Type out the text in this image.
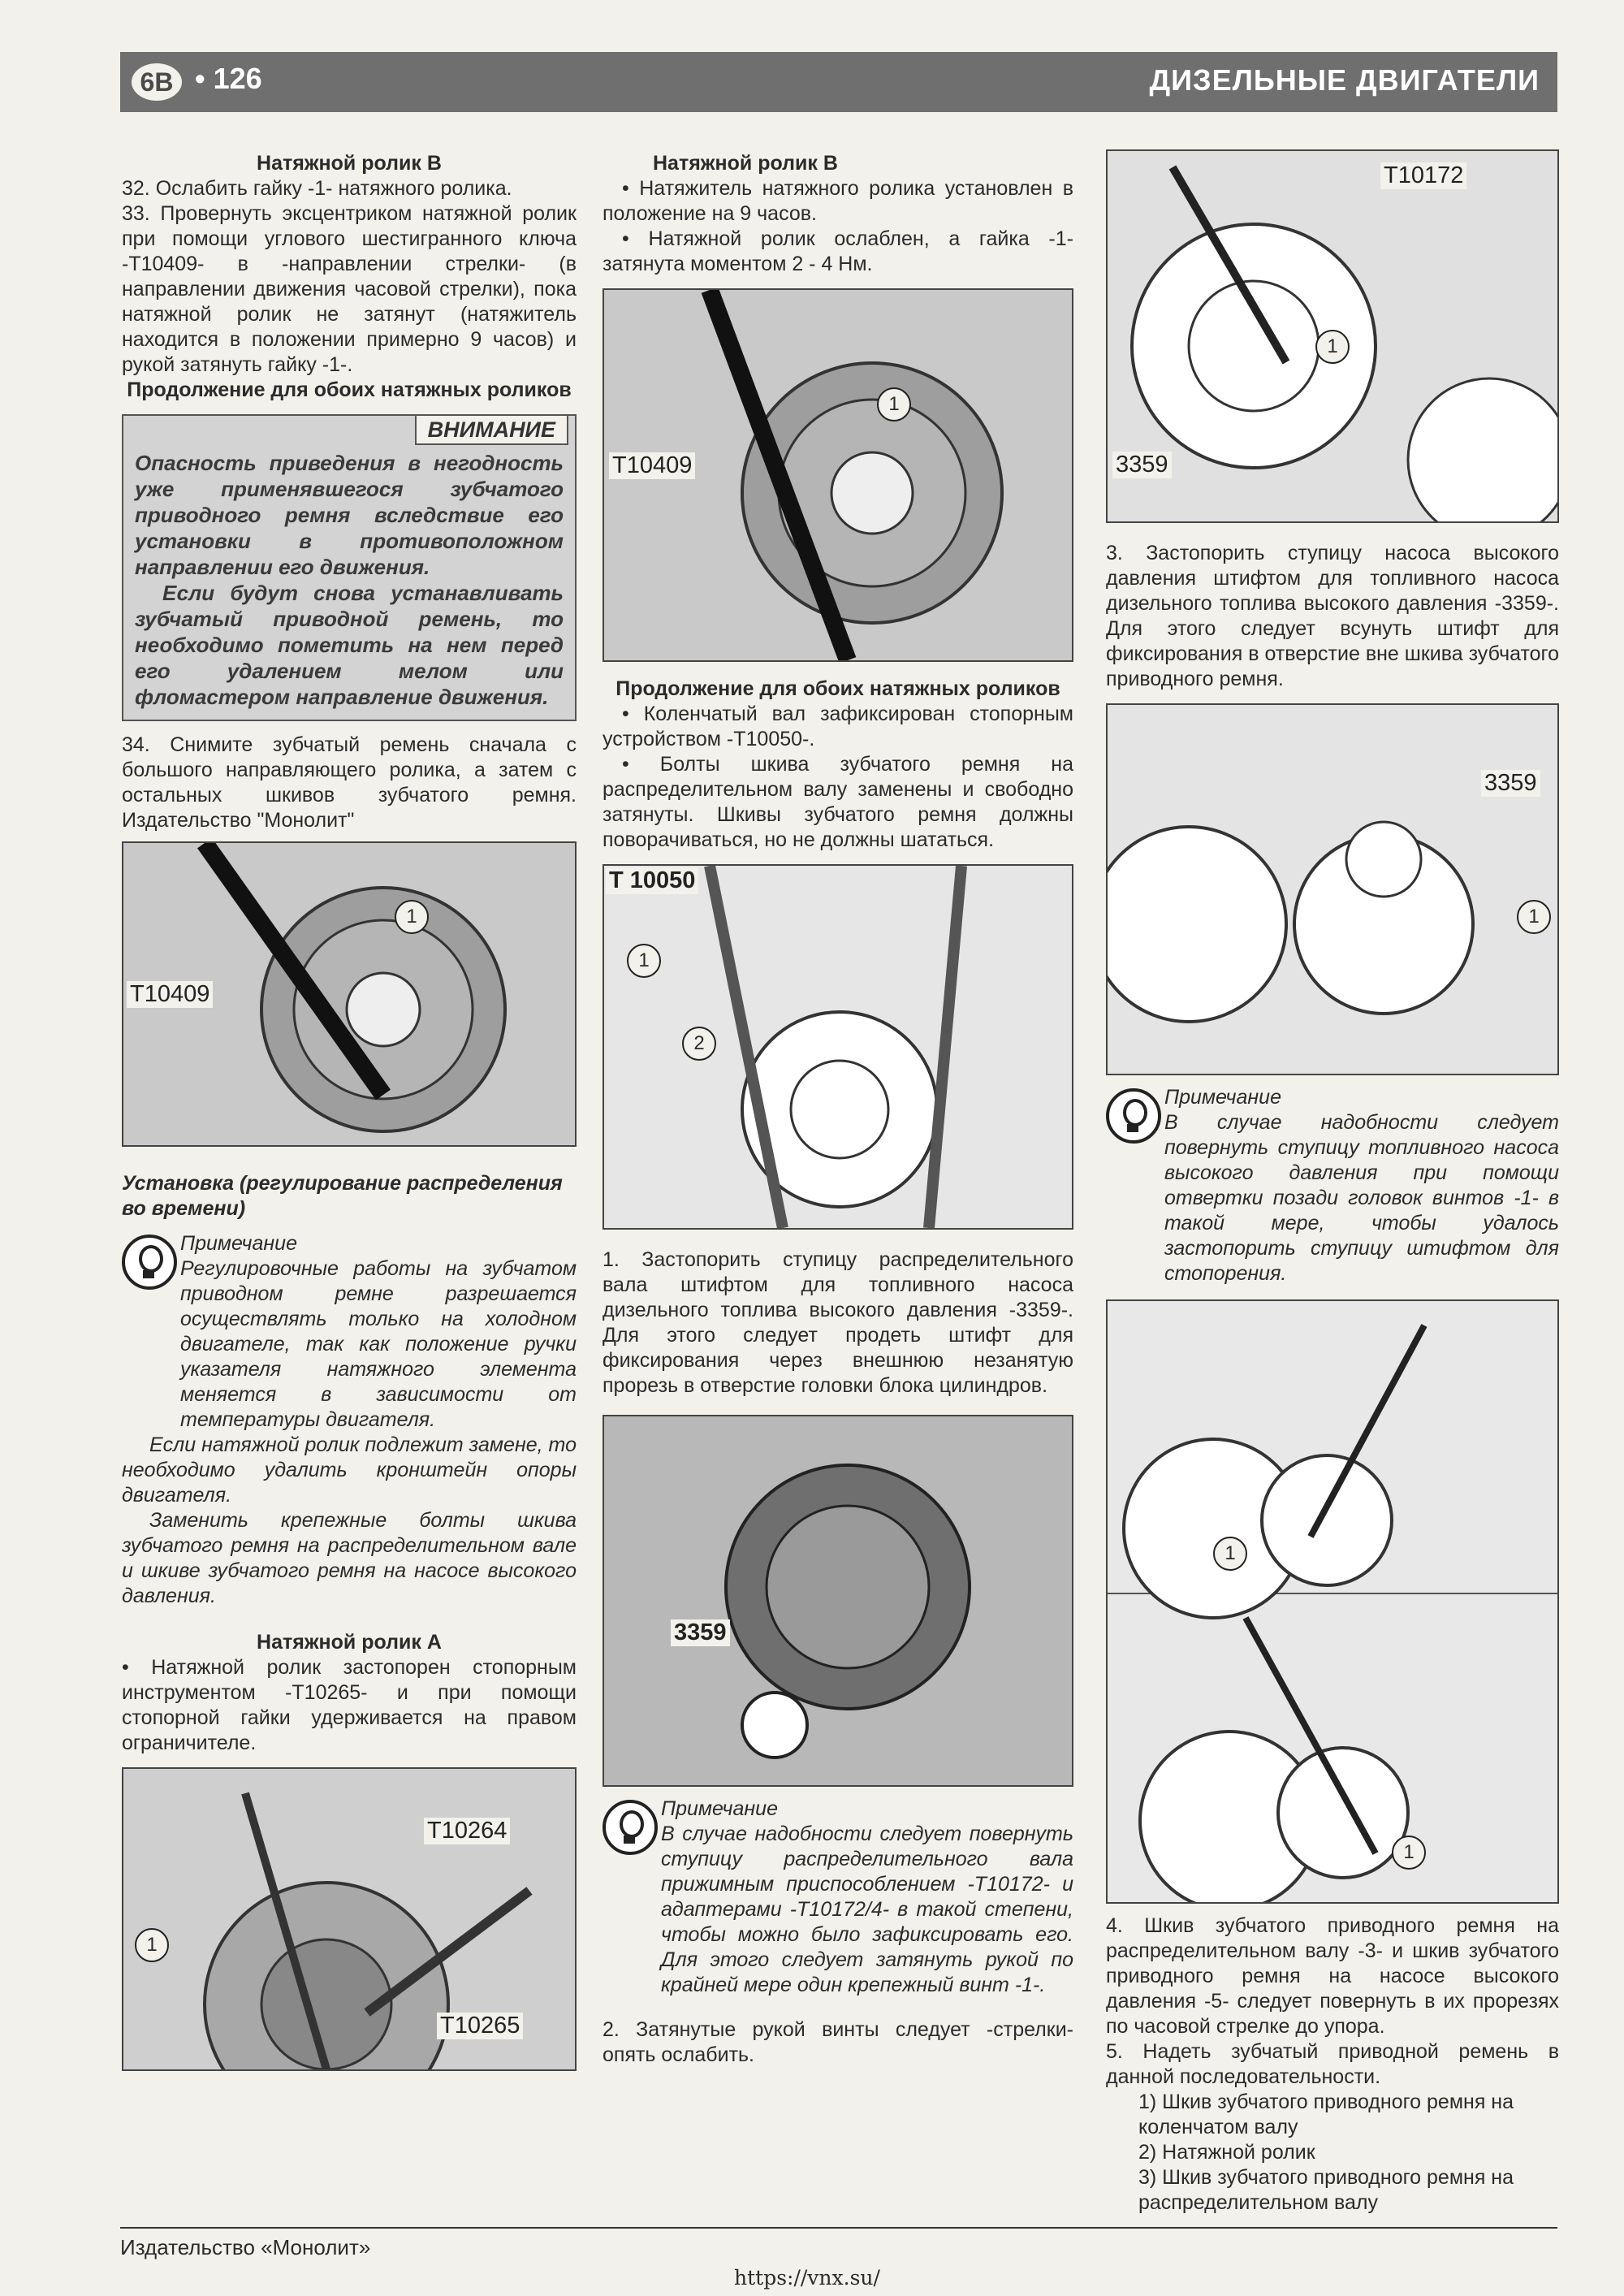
6B • 126	ДИЗЕЛЬНЫЕ ДВИГАТЕЛИ

Натяжной ролик В

32. Ослабить гайку -1- натяжного ролика.

33. Провернуть эксцентриком натяжной ролик при помощи углового шестигранного ключа -Т10409- в -направлении стрелки- (в направлении движения часовой стрелки), пока натяжной ролик не затянут (натяжитель находится в положении примерно 9 часов) и рукой затянуть гайку -1-.

Продолжение для обоих натяжных роликов

ВНИМАНИЕ

Опасность приведения в негодность уже применявшегося зубчатого приводного ремня вследствие его установки в противоположном направлении его движения.

Если будут снова устанавливать зубчатый приводной ремень, то необходимо пометить на нем перед его удалением мелом или фломастером направление движения.

34. Снимите зубчатый ремень сначала с большого направляющего ролика, а затем с остальных шкивов зубчатого ремня. Издательство "Монолит"

T10409
1

Установка (регулирование распределения во времени)

Примечание

Регулировочные работы на зубчатом приводном ремне разрешается осуществлять только на холодном двигателе, так как положение ручки указателя натяжного элемента меняется в зависимости от температуры двигателя.

Если натяжной ролик подлежит замене, то необходимо удалить кронштейн опоры двигателя.

Заменить крепежные болты шкива зубчатого ремня на распределительном вале и шкиве зубчатого ремня на насосе высокого давления.

Натяжной ролик А

• Натяжной ролик застопорен стопорным инструментом -Т10265- и при помощи стопорной гайки удерживается на правом ограничителе.

T10264
T10265
1

Натяжной ролик В

• Натяжитель натяжного ролика установлен в положение на 9 часов.

• Натяжной ролик ослаблен, а гайка -1- затянута моментом 2 - 4 Нм.

T10409
1

Продолжение для обоих натяжных роликов

• Коленчатый вал зафиксирован стопорным устройством -Т10050-.

• Болты шкива зубчатого ремня на распределительном валу заменены и свободно затянуты. Шкивы зубчатого ремня должны поворачиваться, но не должны шататься.

T 10050
1
2

1. Застопорить ступицу распределительного вала штифтом для топливного насоса дизельного топлива высокого давления -3359-. Для этого следует продеть штифт для фиксирования через внешнюю незанятую прорезь в отверстие головки блока цилиндров.

3359

Примечание

В случае надобности следует повернуть ступицу распределительного вала прижимным приспособлением -Т10172- и адаптерами -Т10172/4- в такой степени, чтобы можно было зафиксировать его. Для этого следует затянуть рукой по крайней мере один крепежный винт -1-.

2. Затянутые рукой винты следует -стрелки- опять ослабить.

T10172
3359
1

3. Застопорить ступицу насоса высокого давления штифтом для топливного насоса дизельного топлива высокого давления -3359-. Для этого следует всунуть штифт для фиксирования в отверстие вне шкива зубчатого приводного ремня.

3359
1

Примечание

В случае надобности следует повернуть ступицу топливного насоса высокого давления при помощи отвертки позади головок винтов -1- в такой мере, чтобы удалось застопорить ступицу штифтом для стопорения.

1
1

4. Шкив зубчатого приводного ремня на распределительном валу -3- и шкив зубчатого приводного ремня на насосе высокого давления -5- следует повернуть в их прорезях по часовой стрелке до упора.

5. Надеть зубчатый приводной ремень в данной последовательности.

1) Шкив зубчатого приводного ремня на коленчатом валу

2) Натяжной ролик

3) Шкив зубчатого приводного ремня на распределительном валу

Издательство «Монолит»
https://vnx.su/
